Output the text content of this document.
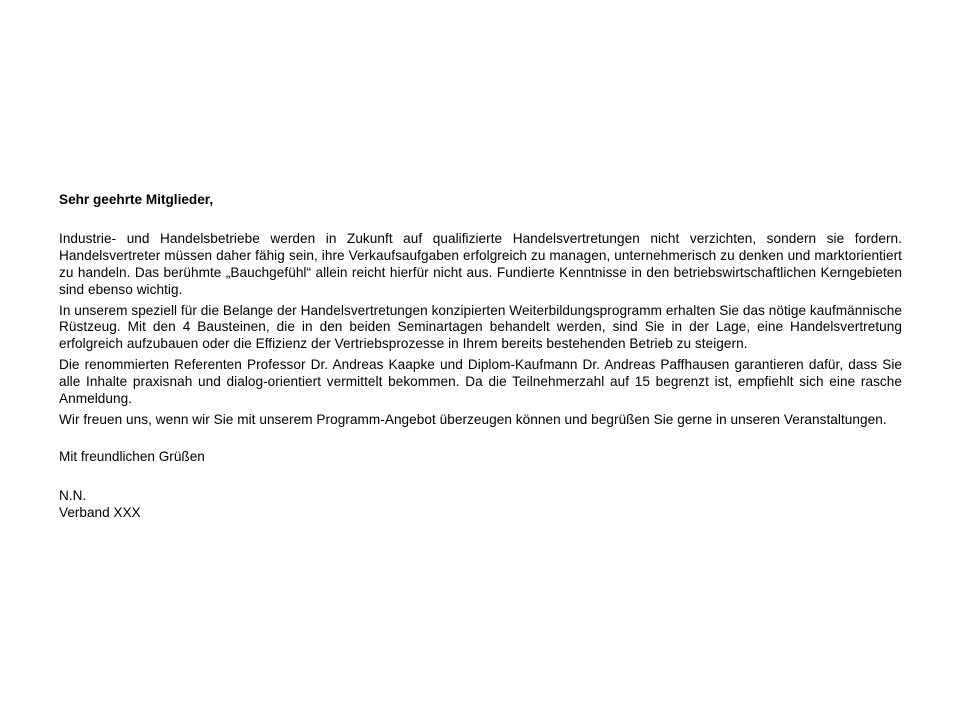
Sehr geehrte Mitglieder,

Industrie- und Handelsbetriebe werden in Zukunft auf qualifizierte Handelsvertretungen nicht verzichten, sondern sie fordern. Handelsvertreter müssen daher fähig sein, ihre Verkaufsaufgaben erfolgreich zu managen, unternehmerisch zu denken und marktorientiert zu handeln. Das berühmte „Bauchgefühl“ allein reicht hierfür nicht aus. Fundierte Kenntnisse in den betriebswirtschaftlichen Kerngebieten sind ebenso wichtig.

In unserem speziell für die Belange der Handelsvertretungen konzipierten Weiterbildungsprogramm erhalten Sie das nötige kaufmännische Rüstzeug. Mit den 4 Bausteinen, die in den beiden Seminartagen behandelt werden, sind Sie in der Lage, eine Handelsvertretung erfolgreich aufzubauen oder die Effizienz der Vertriebsprozesse in Ihrem bereits bestehenden Betrieb zu steigern.

Die renommierten Referenten Professor Dr. Andreas Kaapke und Diplom-Kaufmann Dr. Andreas Paffhausen garantieren dafür, dass Sie alle Inhalte praxisnah und dialog-orientiert vermittelt bekommen. Da die Teilnehmerzahl auf 15 begrenzt ist, empfiehlt sich eine rasche Anmeldung.

Wir freuen uns, wenn wir Sie mit unserem Programm-Angebot überzeugen können und begrüßen Sie gerne in unseren Veranstaltungen.

Mit freundlichen Grüßen

N.N.

Verband XXX
